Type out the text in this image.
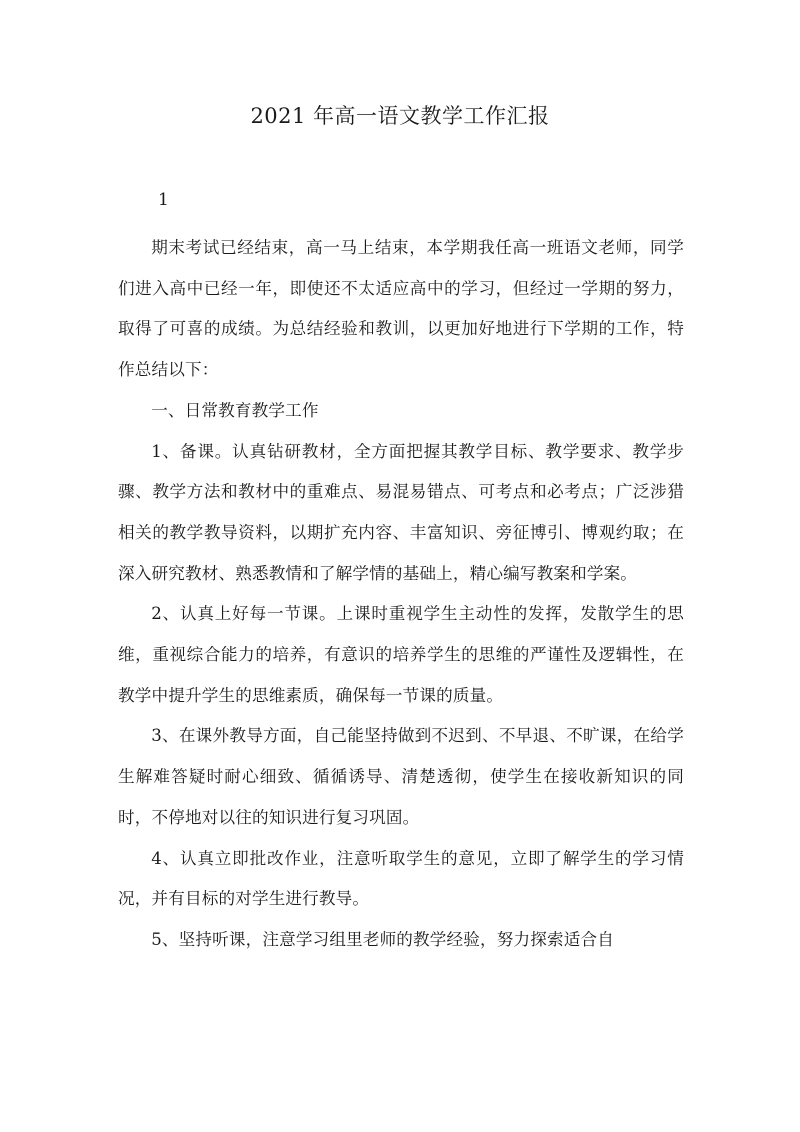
2021 年高一语文教学工作汇报
1

期末考试已经结束，高一马上结束，本学期我任高一班语文老师，同学们进入高中已经一年，即使还不太适应高中的学习，但经过一学期的努力，取得了可喜的成绩。为总结经验和教训，以更加好地进行下学期的工作，特作总结以下：

一、日常教育教学工作

1、备课。认真钻研教材，全方面把握其教学目标、教学要求、教学步骤、教学方法和教材中的重难点、易混易错点、可考点和必考点；广泛涉猎相关的教学教导资料，以期扩充内容、丰富知识、旁征博引、博观约取；在深入研究教材、熟悉教情和了解学情的基础上，精心编写教案和学案。

2、认真上好每一节课。上课时重视学生主动性的发挥，发散学生的思维，重视综合能力的培养，有意识的培养学生的思维的严谨性及逻辑性，在教学中提升学生的思维素质，确保每一节课的质量。

3、在课外教导方面，自己能坚持做到不迟到、不早退、不旷课，在给学生解难答疑时耐心细致、循循诱导、清楚透彻，使学生在接收新知识的同时，不停地对以往的知识进行复习巩固。

4、认真立即批改作业，注意听取学生的意见，立即了解学生的学习情况，并有目标的对学生进行教导。

5、坚持听课，注意学习组里老师的教学经验，努力探索适合自
